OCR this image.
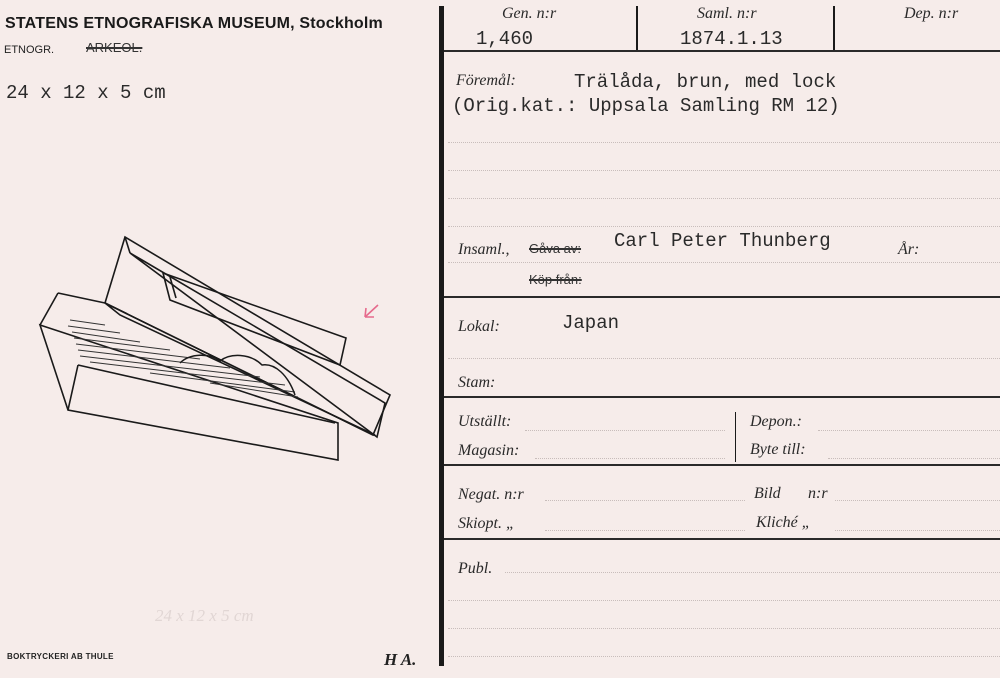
STATENS ETNOGRAFISKA MUSEUM, Stockholm
ETNOGR. ARKEOL.
24 x 12 x 5 cm
24 x 12 x 5 cm
BOKTRYCKERI AB THULE	H A.
Gen. n:r
1,460
Saml. n:r
1874.1.13
Dep. n:r
Föremål:	Trälåda, brun, med lock
(Orig.kat.: Uppsala Samling RM 12)
Insaml., Gåva av: Carl Peter Thunberg	År:
Köp från:
Lokal:	Japan
Stam:
Utställt:	Depon.:
Magasin:	Byte till:
Negat. n:r	Bild n:r
Skiopt. „	Kliché „
Publ.
